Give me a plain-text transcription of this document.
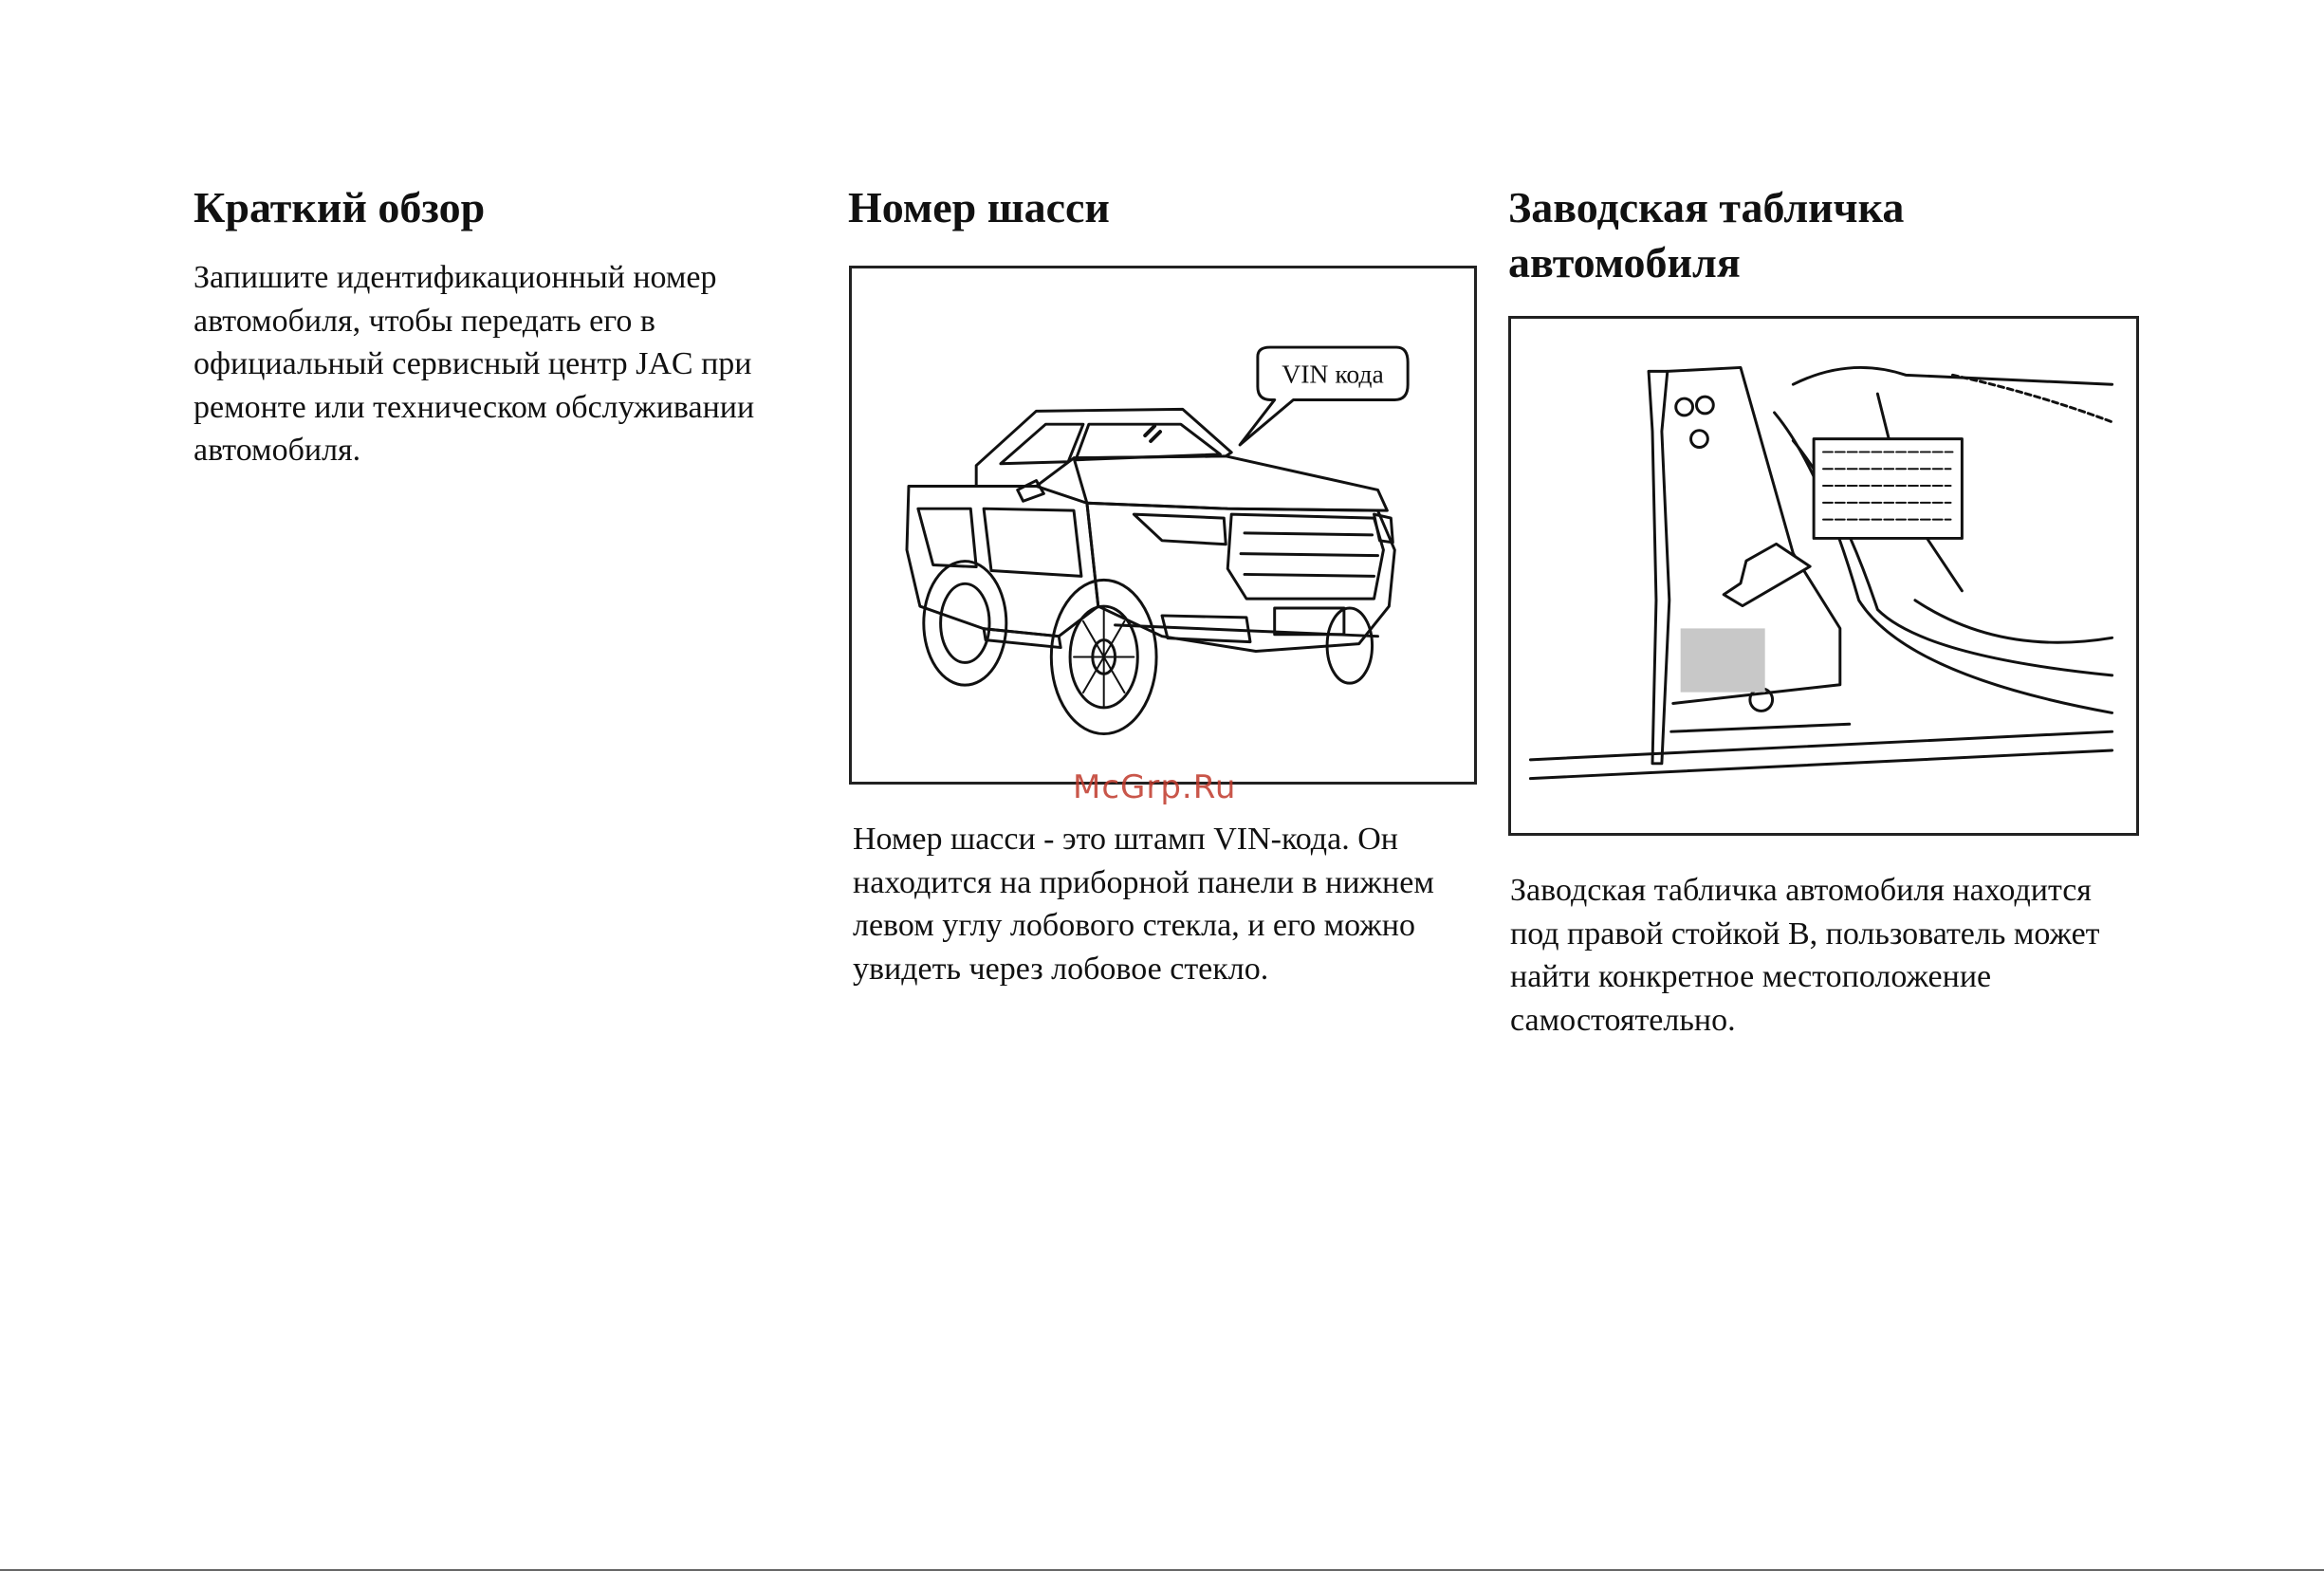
Краткий обзор

Запишите идентификационный номер автомобиля, чтобы передать его в официальный сервисный центр JAC при ремонте или техническом обслуживании автомобиля.

Номер шасси
VIN кода
McGrp.Ru

Номер шасси - это штамп VIN-кода. Он находится на приборной панели в нижнем левом углу лобового стекла, и его можно увидеть через лобовое стекло.

Заводская табличка автомобиля

Заводская табличка автомобиля находится под правой стойкой В, пользователь может найти конкретное местоположение самостоятельно.
